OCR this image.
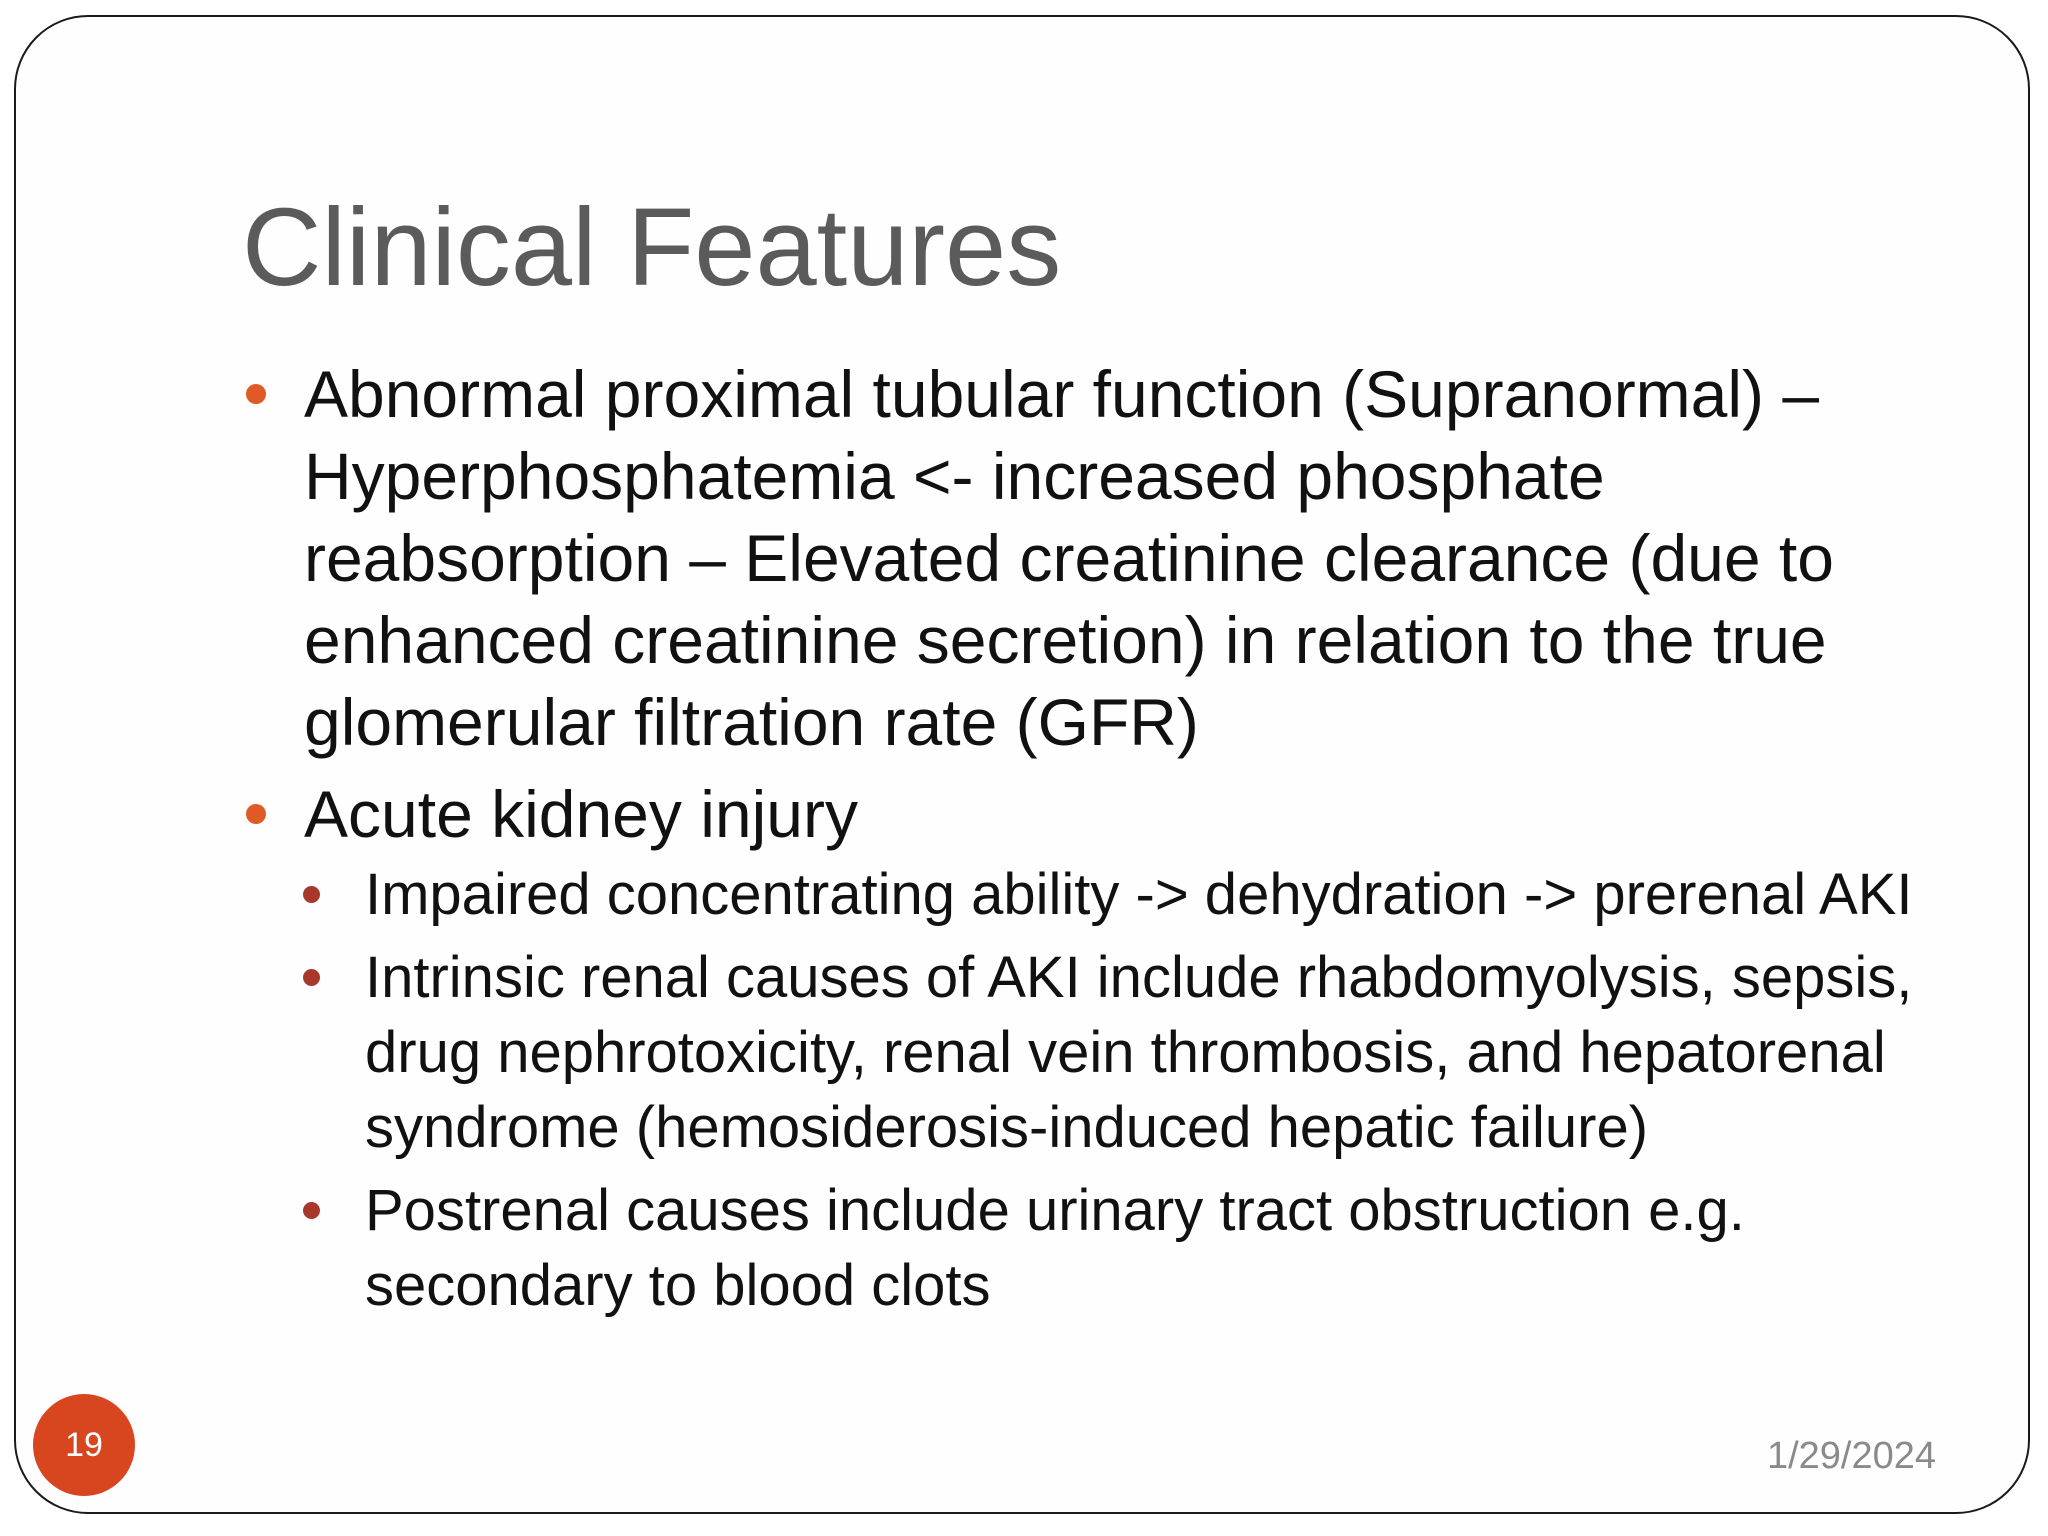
Clinical Features
Abnormal proximal tubular function (Supranormal) – Hyperphosphatemia <- increased phosphate reabsorption – Elevated creatinine clearance (due to enhanced creatinine secretion) in relation to the true glomerular filtration rate (GFR)
Acute kidney injury
Impaired concentrating ability -> dehydration -> prerenal AKI
Intrinsic renal causes of AKI include rhabdomyolysis, sepsis, drug nephrotoxicity, renal vein thrombosis, and hepatorenal syndrome (hemosiderosis-induced hepatic failure)
Postrenal causes include urinary tract obstruction e.g. secondary to blood clots
1/29/2024
19
